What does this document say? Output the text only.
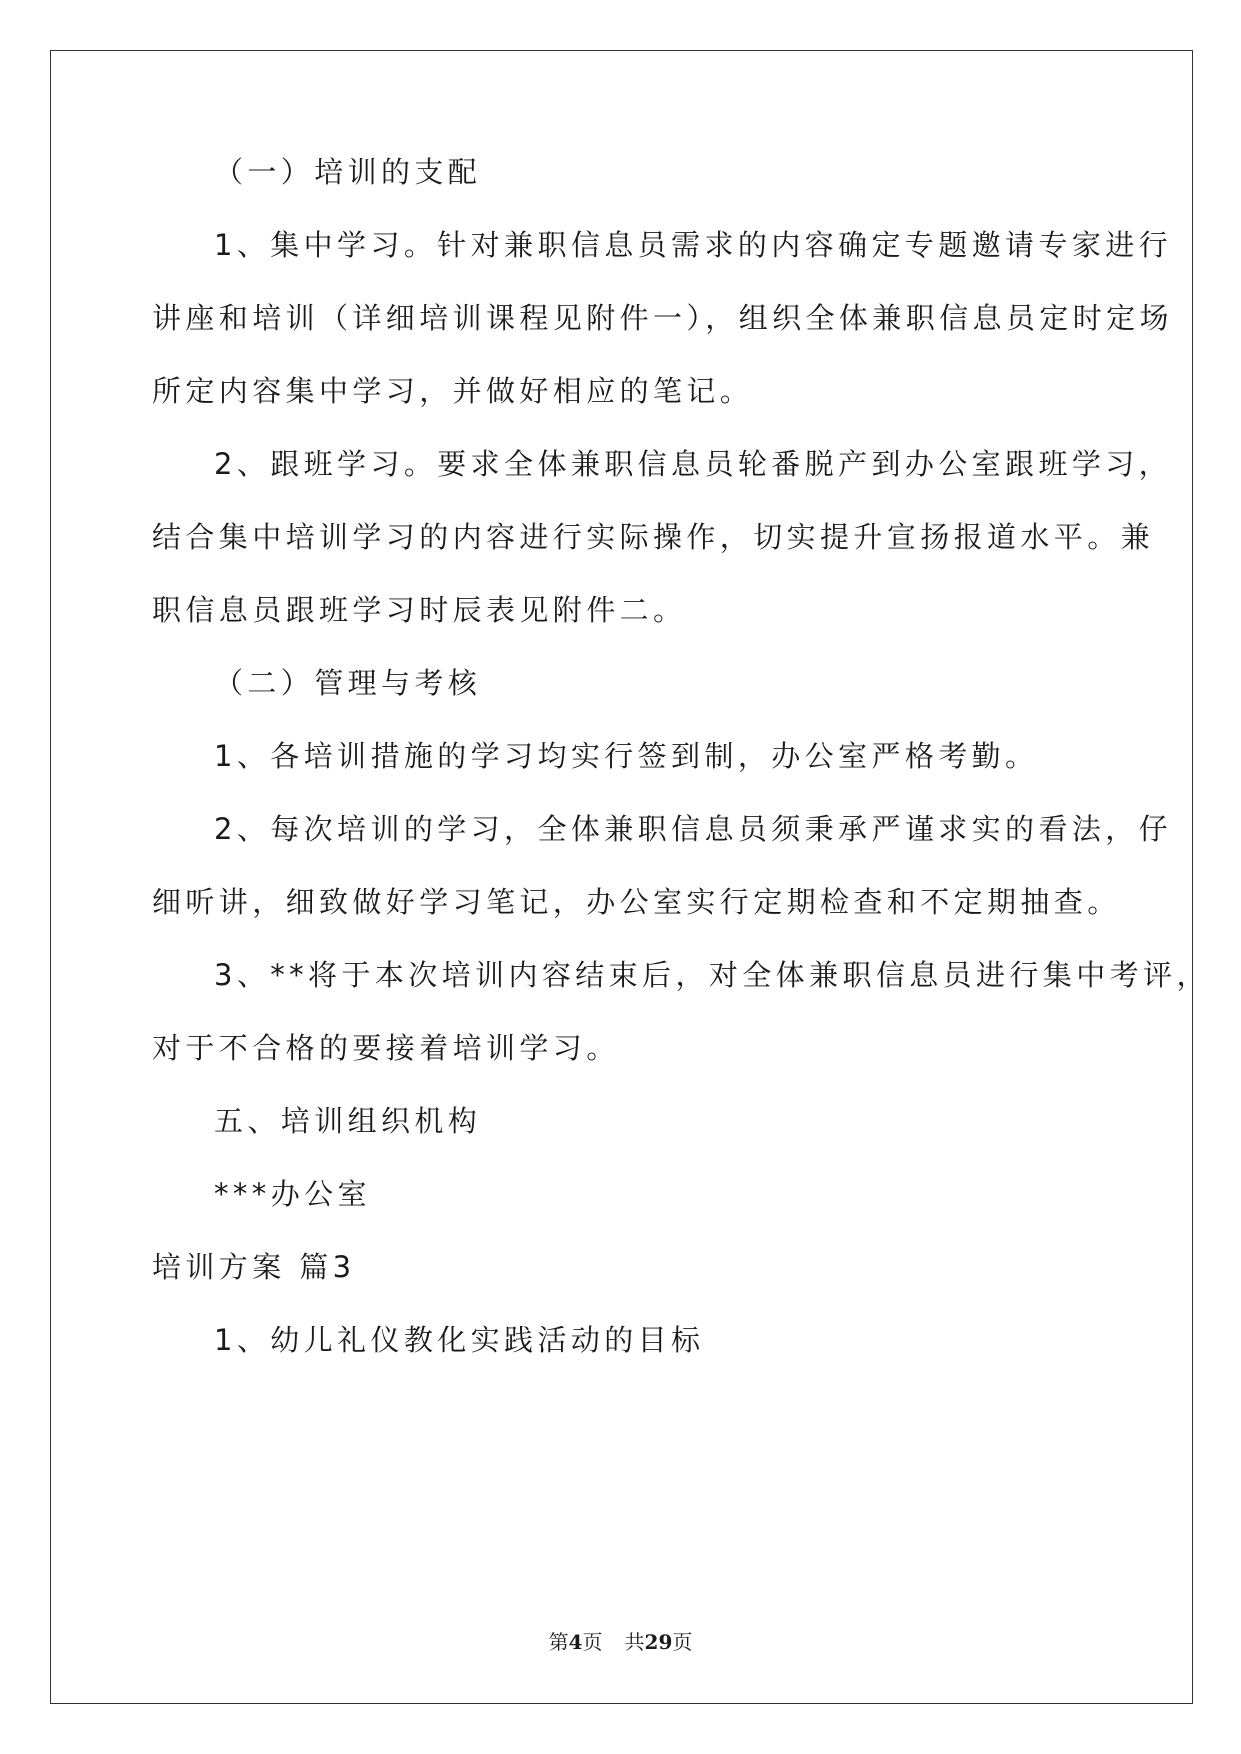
（一）培训的支配
1、集中学习。针对兼职信息员需求的内容确定专题邀请专家进行
讲座和培训（详细培训课程见附件一），组织全体兼职信息员定时定场
所定内容集中学习，并做好相应的笔记。
2、跟班学习。要求全体兼职信息员轮番脱产到办公室跟班学习，
结合集中培训学习的内容进行实际操作，切实提升宣扬报道水平。兼
职信息员跟班学习时辰表见附件二。
（二）管理与考核
1、各培训措施的学习均实行签到制，办公室严格考勤。
2、每次培训的学习，全体兼职信息员须秉承严谨求实的看法，仔
细听讲，细致做好学习笔记，办公室实行定期检查和不定期抽查。
3、**将于本次培训内容结束后，对全体兼职信息员进行集中考评，
对于不合格的要接着培训学习。
五、培训组织机构
***办公室
培训方案 篇3
1、幼儿礼仪教化实践活动的目标
第4页 共29页
